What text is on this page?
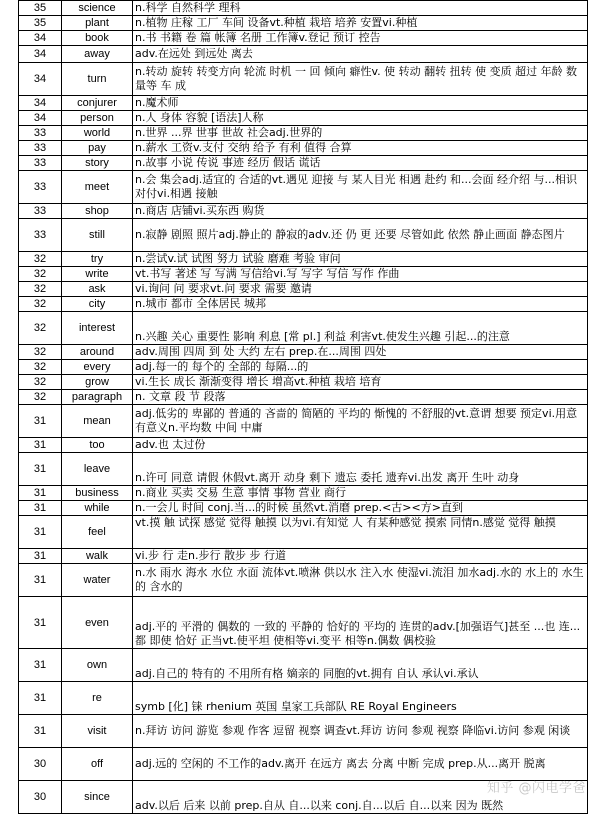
35	science	n.科学 自然科学 理科
35	plant	n.植物 庄稼 工厂 车间 设备vt.种植 栽培 培养 安置vi.种植
34	book	n.书 书籍 卷 篇 帐簿 名册 工作簿v.登记 预订 控告
34	away	adv.在远处 到远处 离去
34	turn	n.转动 旋转 转变方向 轮流 时机 一 回 倾向 癖性v. 使 转动 翻转 扭转 使 变质 超过 年龄 数量等 车 成
34	conjurer	n.魔术师
34	person	n.人 身体 容貌 [语法]人称
33	world	n.世界 ...界 世事 世故 社会adj.世界的
33	pay	n.薪水 工资v.支付 交纳 给予 有利 值得 合算
33	story	n.故事 小说 传说 事迹 经历 假话 谎话
33	meet	n.会 集会adj.适宜的 合适的vt.遇见 迎接 与 某人目光 相遇 赴约 和...会面 经介绍 与...相识 对付vi.相遇 接触
33	shop	n.商店 店铺vi.买东西 购货
33	still	n.寂静 剧照 照片adj.静止的 静寂的adv.还 仍 更 还要 尽管如此 依然 静止画面 静态图片
32	try	n.尝试v.试 试图 努力 试验 磨难 考验 审问
32	write	vt.书写 著述 写 写满 写信给vi.写 写字 写信 写作 作曲
32	ask	vi.询问 问 要求vt.问 要求 需要 邀请
32	city	n.城市 都市 全体居民 城邦
32	interest	n.兴趣 关心 重要性 影响 利息 [常 pl.] 利益 利害vt.使发生兴趣 引起...的注意
32	around	adv.周围 四周 到 处 大约 左右 prep.在...周围 四处
32	every	adj.每一的 每个的 全部的 每隔...的
32	grow	vi.生长 成长 渐渐变得 增长 增高vt.种植 栽培 培育
32	paragraph	n. 文章 段 节 段落
31	mean	adj.低劣的 卑鄙的 普通的 吝啬的 简陋的 平均的 惭愧的 不舒服的vt.意谓 想要 预定vi.用意 有意义n.平均数 中间 中庸
31	too	adv.也 太过份
31	leave	n.许可 同意 请假 休假vt.离开 动身 剩下 遗忘 委托 遗弃vi.出发 离开 生叶 动身
31	business	n.商业 买卖 交易 生意 事情 事物 营业 商行
31	while	n.一会儿 时间 conj.当...的时候 虽然vt.消磨 prep.<古><方>直到
31	feel	vt.摸 触 试探 感觉 觉得 触摸 以为vi.有知觉 人 有某种感觉 摸索 同情n.感觉 觉得 触摸
31	walk	vi.步 行 走n.步行 散步 步 行道
31	water	n.水 雨水 海水 水位 水面 流体vt.喷淋 供以水 注入水 使湿vi.流泪 加水adj.水的 水上的 水生的 含水的
31	even	adj.平的 平滑的 偶数的 一致的 平静的 恰好的 平均的 连贯的adv.[加强语气]甚至 ...也 连...都 即使 恰好 正当vt.使平坦 使相等vi.变平 相等n.偶数 偶校验
31	own	adj.自己的 特有的 不用所有格 嫡亲的 同胞的vt.拥有 自认 承认vi.承认
31	re	symb [化] 铼 rhenium 英国 皇家工兵部队 RE Royal Engineers
31	visit	n.拜访 访问 游览 参观 作客 逗留 视察 调查vt.拜访 访问 参观 视察 降临vi.访问 参观 闲谈
30	off	adj.远的 空闲的 不工作的adv.离开 在远方 离去 分离 中断 完成 prep.从...离开 脱离
30	since	adv.以后 后来 以前 prep.自从 自...以来 conj.自...以后 自...以来 因为 既然
知乎 @闪电学爸
